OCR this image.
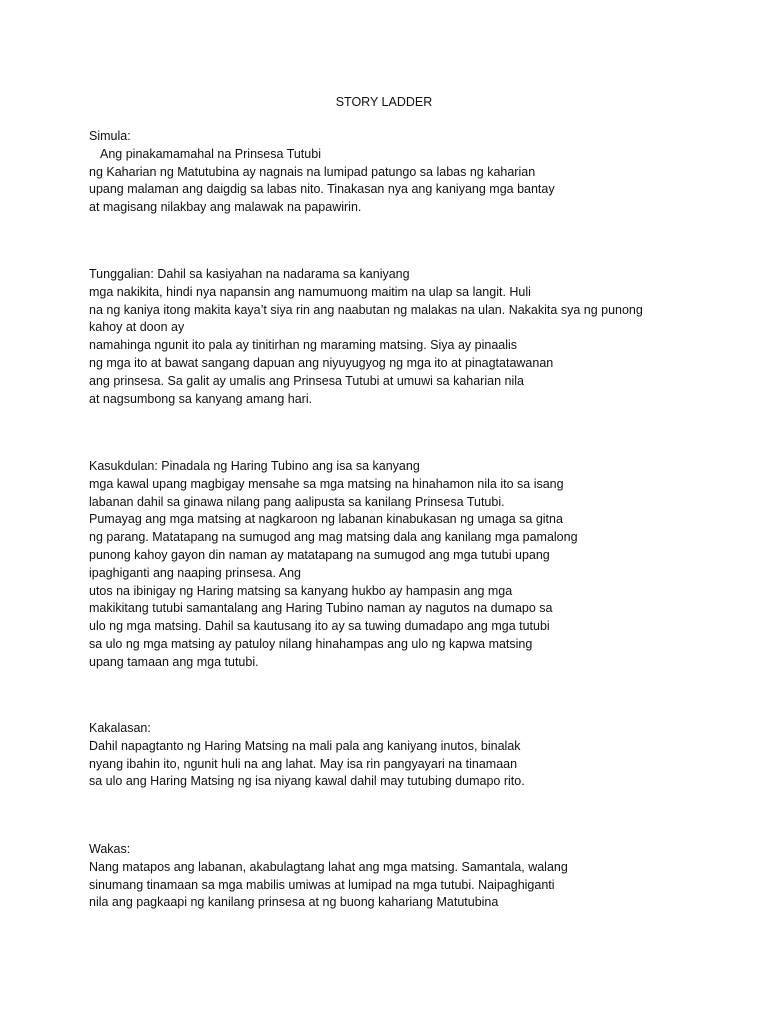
STORY LADDER
Simula:
Ang pinakamamahal na Prinsesa Tutubi
ng Kaharian ng Matutubina ay nagnais na lumipad patungo sa labas ng kaharian
upang malaman ang daigdig sa labas nito. Tinakasan nya ang kaniyang mga bantay
at magisang nilakbay ang malawak na papawirin.
Tunggalian: Dahil sa kasiyahan na nadarama sa kaniyang
mga nakikita, hindi nya napansin ang namumuong maitim na ulap sa langit. Huli
na ng kaniya itong makita kaya’t siya rin ang naabutan ng malakas na ulan. Nakakita sya ng punong
kahoy at doon ay
namahinga ngunit ito pala ay tinitirhan ng maraming matsing. Siya ay pinaalis
ng mga ito at bawat sangang dapuan ang niyuyugyog ng mga ito at pinagtatawanan
ang prinsesa. Sa galit ay umalis ang Prinsesa Tutubi at umuwi sa kaharian nila
at nagsumbong sa kanyang amang hari.
Kasukdulan: Pinadala ng Haring Tubino ang isa sa kanyang
mga kawal upang magbigay mensahe sa mga matsing na hinahamon nila ito sa isang
labanan dahil sa ginawa nilang pang aalipusta sa kanilang Prinsesa Tutubi.
Pumayag ang mga matsing at nagkaroon ng labanan kinabukasan ng umaga sa gitna
ng parang. Matatapang na sumugod ang mag matsing dala ang kanilang mga pamalong
punong kahoy gayon din naman ay matatapang na sumugod ang mga tutubi upang
ipaghiganti ang naaping prinsesa. Ang
utos na ibinigay ng Haring matsing sa kanyang hukbo ay hampasin ang mga
makikitang tutubi samantalang ang Haring Tubino naman ay nagutos na dumapo sa
ulo ng mga matsing. Dahil sa kautusang ito ay sa tuwing dumadapo ang mga tutubi
sa ulo ng mga matsing ay patuloy nilang hinahampas ang ulo ng kapwa matsing
upang tamaan ang mga tutubi.
Kakalasan:
Dahil napagtanto ng Haring Matsing na mali pala ang kaniyang inutos, binalak
nyang ibahin ito, ngunit huli na ang lahat. May isa rin pangyayari na tinamaan
sa ulo ang Haring Matsing ng isa niyang kawal dahil may tutubing dumapo rito.
Wakas:
Nang matapos ang labanan, akabulagtang lahat ang mga matsing. Samantala, walang
sinumang tinamaan sa mga mabilis umiwas at lumipad na mga tutubi. Naipaghiganti
nila ang pagkaapi ng kanilang prinsesa at ng buong kahariang Matutubina
